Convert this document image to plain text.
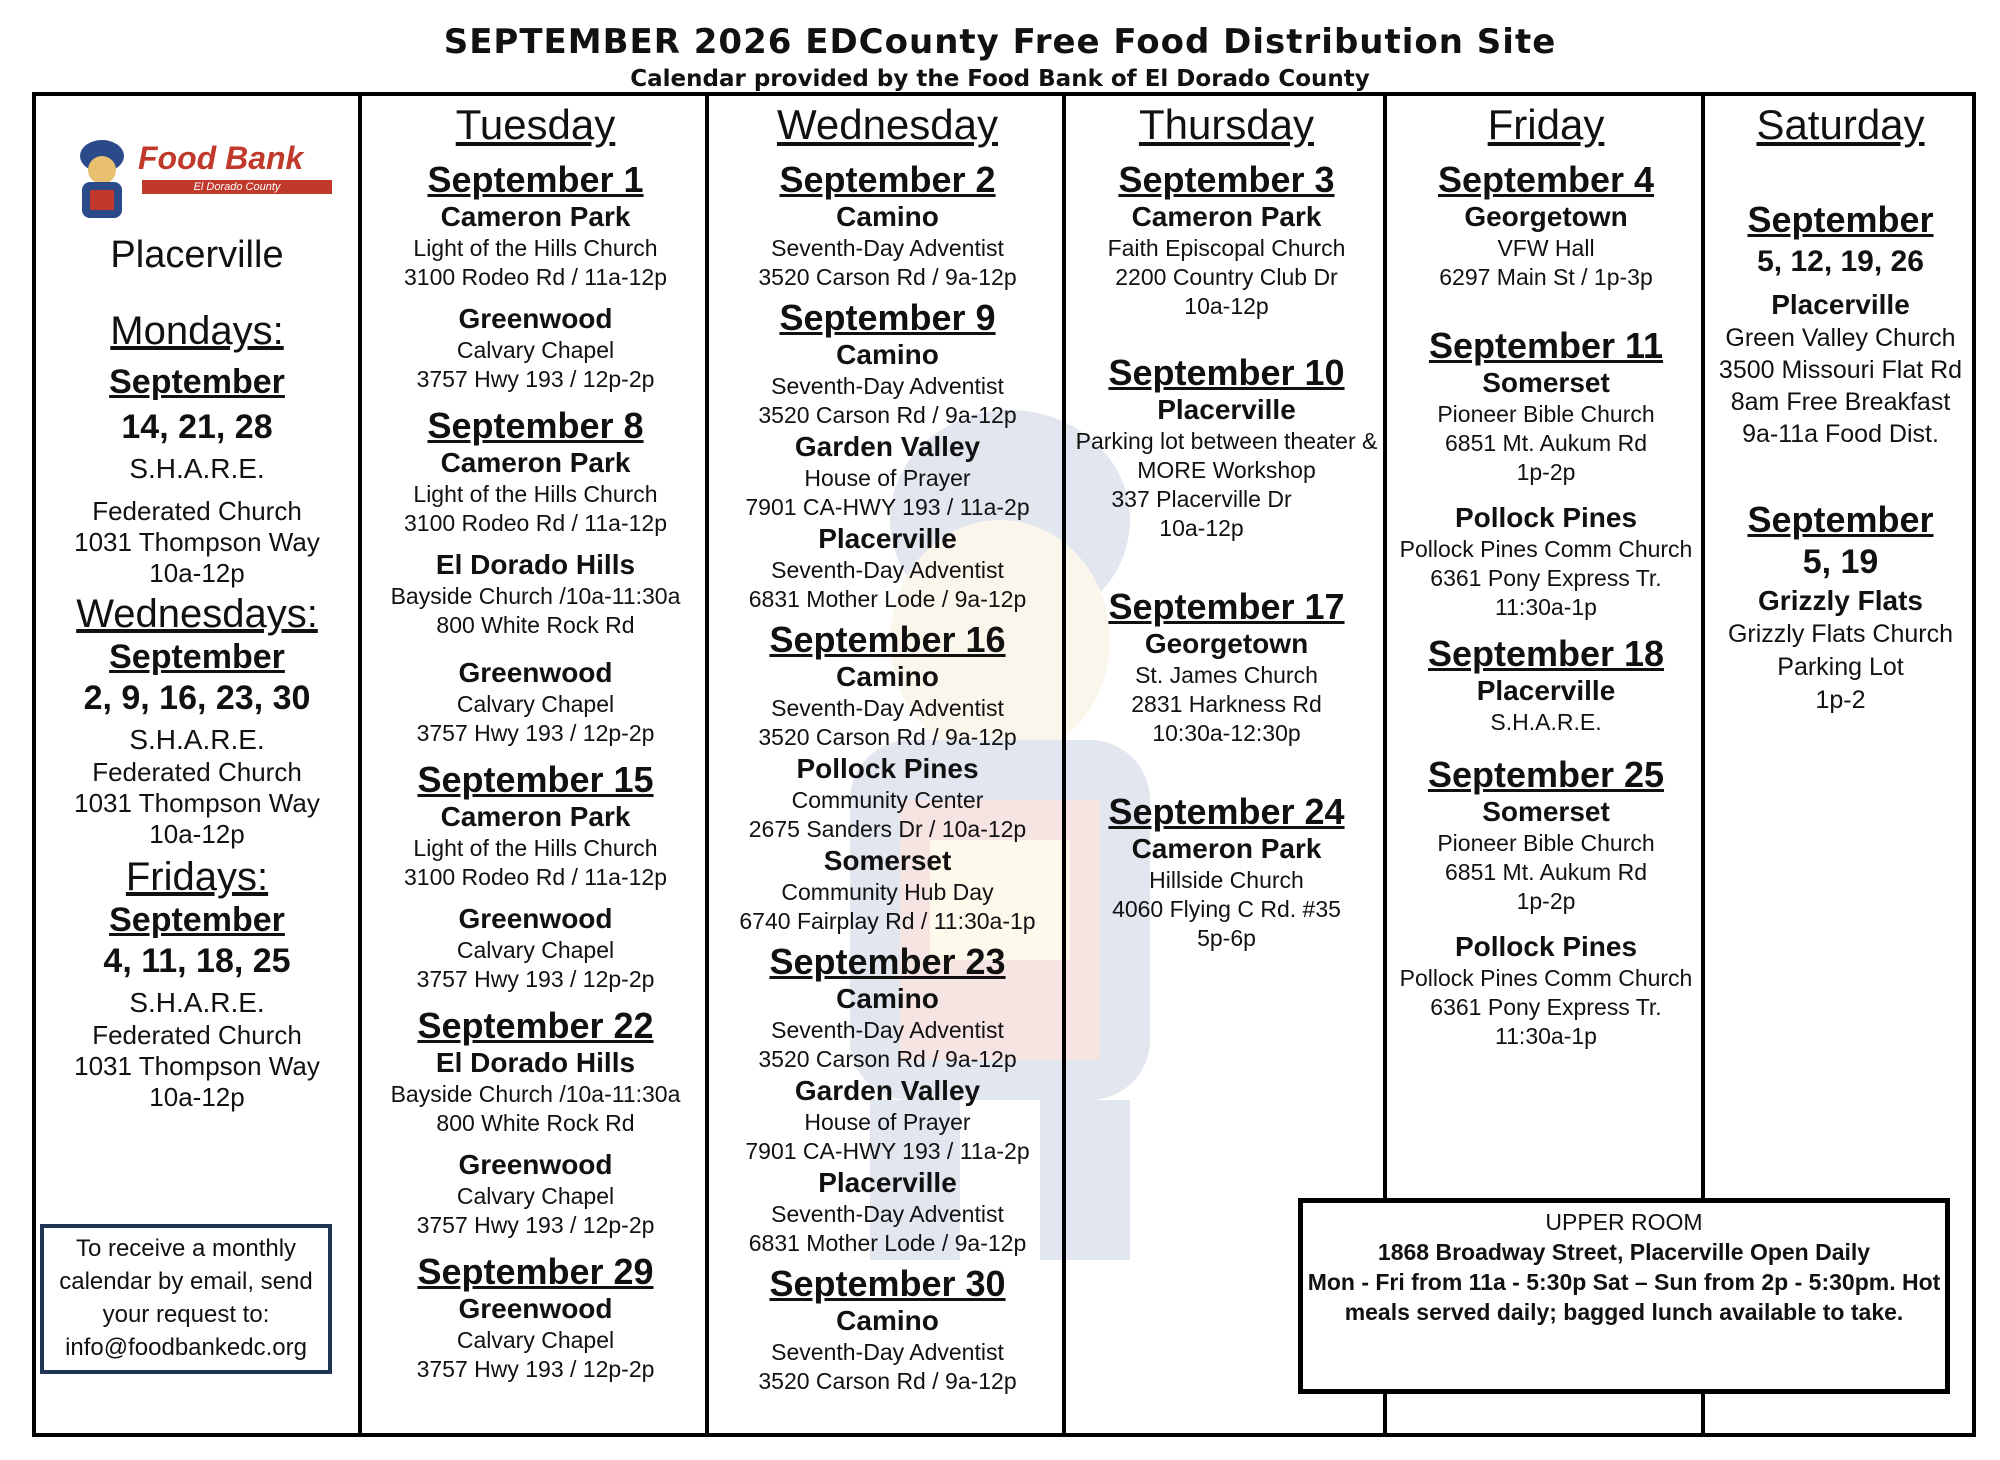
SEPTEMBER 2026 EDCounty Free Food Distribution Site
Calendar provided by the Food Bank of El Dorado County
Placerville
Mondays:
September
14, 21, 28
S.H.A.R.E.
Federated Church
1031 Thompson Way
10a-12p
Wednesdays:
September
2, 9, 16, 23, 30
S.H.A.R.E.
Federated Church
1031 Thompson Way
10a-12p
Fridays:
September
4, 11, 18, 25
S.H.A.R.E.
Federated Church
1031 Thompson Way
10a-12p
Food Bank
El Dorado County
To receive a monthly
calendar by email, send
your request to:
info@foodbankedc.org
Tuesday
September 1
Cameron Park
Light of the Hills Church
3100 Rodeo Rd / 11a-12p
Greenwood
Calvary Chapel
3757 Hwy 193 / 12p-2p
September 8
Cameron Park
Light of the Hills Church
3100 Rodeo Rd / 11a-12p
El Dorado Hills
Bayside Church /10a-11:30a
800 White Rock Rd
Greenwood
Calvary Chapel
3757 Hwy 193 / 12p-2p
September 15
Cameron Park
Light of the Hills Church
3100 Rodeo Rd / 11a-12p
Greenwood
Calvary Chapel
3757 Hwy 193 / 12p-2p
September 22
El Dorado Hills
Bayside Church /10a-11:30a
800 White Rock Rd
Greenwood
Calvary Chapel
3757 Hwy 193 / 12p-2p
September 29
Greenwood
Calvary Chapel
3757 Hwy 193 / 12p-2p
Wednesday
September 2
Camino
Seventh-Day Adventist
3520 Carson Rd / 9a-12p
September 9
Camino
Seventh-Day Adventist
3520 Carson Rd / 9a-12p
Garden Valley
House of Prayer
7901 CA-HWY 193 / 11a-2p
Placerville
Seventh-Day Adventist
6831 Mother Lode / 9a-12p
September 16
Camino
Seventh-Day Adventist
3520 Carson Rd / 9a-12p
Pollock Pines
Community Center
2675 Sanders Dr / 10a-12p
Somerset
Community Hub Day
6740 Fairplay Rd / 11:30a-1p
September 23
Camino
Seventh-Day Adventist
3520 Carson Rd / 9a-12p
Garden Valley
House of Prayer
7901 CA-HWY 193 / 11a-2p
Placerville
Seventh-Day Adventist
6831 Mother Lode / 9a-12p
September 30
Camino
Seventh-Day Adventist
3520 Carson Rd / 9a-12p
Thursday
September 3
Cameron Park
Faith Episcopal Church
2200 Country Club Dr
10a-12p
September 10
Placerville
Parking lot between theater &
MORE Workshop
337 Placerville Dr
10a-12p
September 17
Georgetown
St. James Church
2831 Harkness Rd
10:30a-12:30p
September 24
Cameron Park
Hillside Church
4060 Flying C Rd. #35
5p-6p
Friday
September 4
Georgetown
VFW Hall
6297 Main St / 1p-3p
September 11
Somerset
Pioneer Bible Church
6851 Mt. Aukum Rd
1p-2p
Pollock Pines
Pollock Pines Comm Church
6361 Pony Express Tr.
11:30a-1p
September 18
Placerville
S.H.A.R.E.
September 25
Somerset
Pioneer Bible Church
6851 Mt. Aukum Rd
1p-2p
Pollock Pines
Pollock Pines Comm Church
6361 Pony Express Tr.
11:30a-1p
Saturday
September
5, 12, 19, 26
Placerville
Green Valley Church
3500 Missouri Flat Rd
8am Free Breakfast
9a-11a Food Dist.
September
5, 19
Grizzly Flats
Grizzly Flats Church
Parking Lot
1p-2
UPPER ROOM
1868 Broadway Street, Placerville Open Daily
Mon - Fri from 11a - 5:30p Sat – Sun from 2p - 5:30pm. Hot
meals served daily; bagged lunch available to take.
